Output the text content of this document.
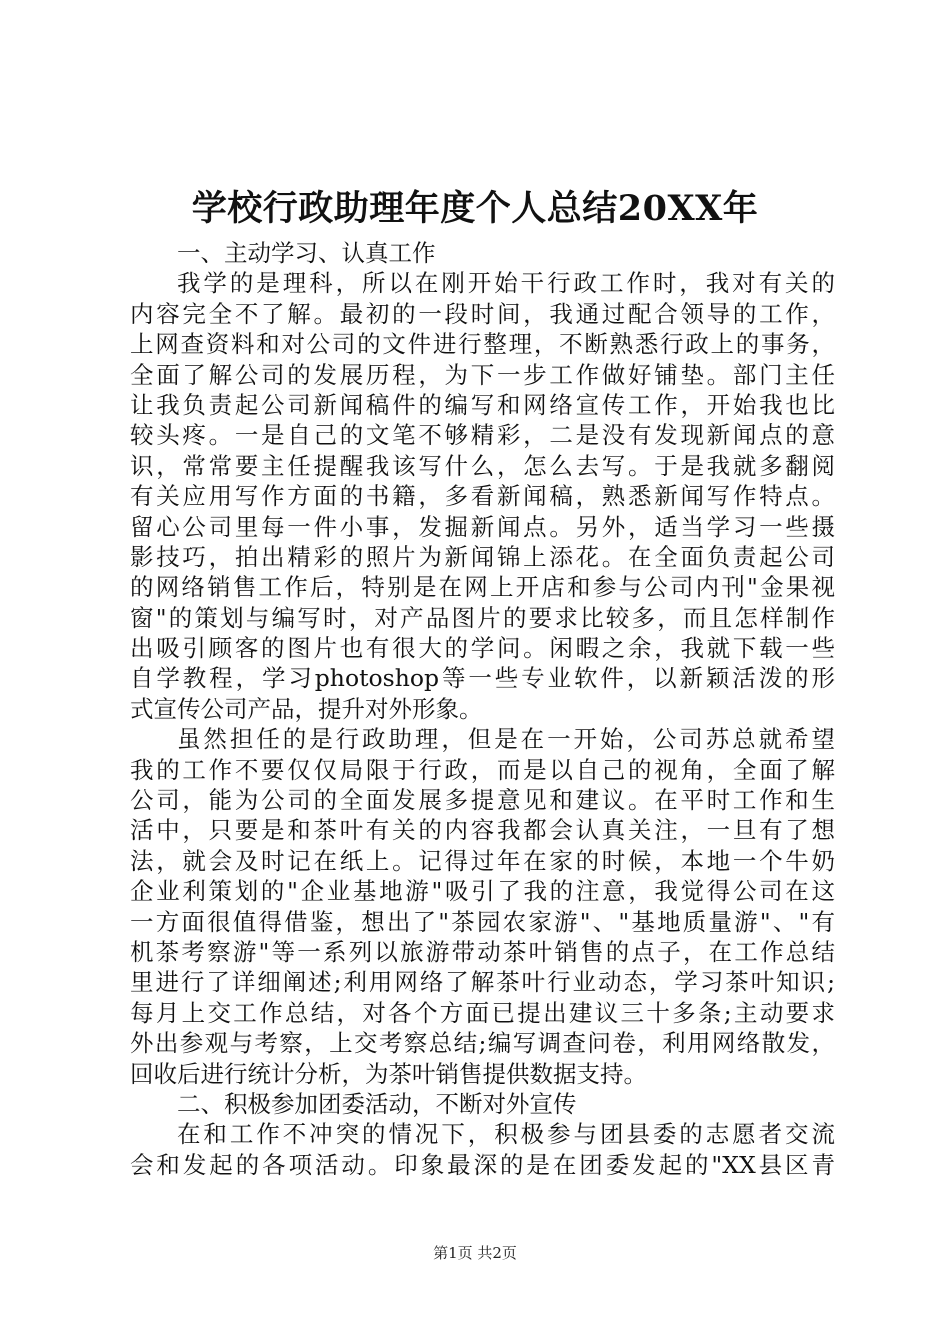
学校行政助理年度个人总结20XX年
一、主动学习、认真工作
我学的是理科，所以在刚开始干行政工作时，我对有关的
内容完全不了解。最初的一段时间，我通过配合领导的工作，
上网查资料和对公司的文件进行整理，不断熟悉行政上的事务，
全面了解公司的发展历程，为下一步工作做好铺垫。部门主任
让我负责起公司新闻稿件的编写和网络宣传工作，开始我也比
较头疼。一是自己的文笔不够精彩，二是没有发现新闻点的意
识，常常要主任提醒我该写什么，怎么去写。于是我就多翻阅
有关应用写作方面的书籍，多看新闻稿，熟悉新闻写作特点。
留心公司里每一件小事，发掘新闻点。另外，适当学习一些摄
影技巧，拍出精彩的照片为新闻锦上添花。在全面负责起公司
的网络销售工作后，特别是在网上开店和参与公司内刊"金果视
窗"的策划与编写时，对产品图片的要求比较多，而且怎样制作
出吸引顾客的图片也有很大的学问。闲暇之余，我就下载一些
自学教程，学习photoshop等一些专业软件，以新颖活泼的形
式宣传公司产品，提升对外形象。
虽然担任的是行政助理，但是在一开始，公司苏总就希望
我的工作不要仅仅局限于行政，而是以自己的视角，全面了解
公司，能为公司的全面发展多提意见和建议。在平时工作和生
活中，只要是和茶叶有关的内容我都会认真关注，一旦有了想
法，就会及时记在纸上。记得过年在家的时候，本地一个牛奶
企业利策划的"企业基地游"吸引了我的注意，我觉得公司在这
一方面很值得借鉴，想出了"茶园农家游"、"基地质量游"、"有
机茶考察游"等一系列以旅游带动茶叶销售的点子，在工作总结
里进行了详细阐述;利用网络了解茶叶行业动态，学习茶叶知识;
每月上交工作总结，对各个方面已提出建议三十多条;主动要求
外出参观与考察，上交考察总结;编写调查问卷，利用网络散发，
回收后进行统计分析，为茶叶销售提供数据支持。
二、积极参加团委活动，不断对外宣传
在和工作不冲突的情况下，积极参与团县委的志愿者交流
会和发起的各项活动。印象最深的是在团委发起的"XX县区青
第1页 共2页
